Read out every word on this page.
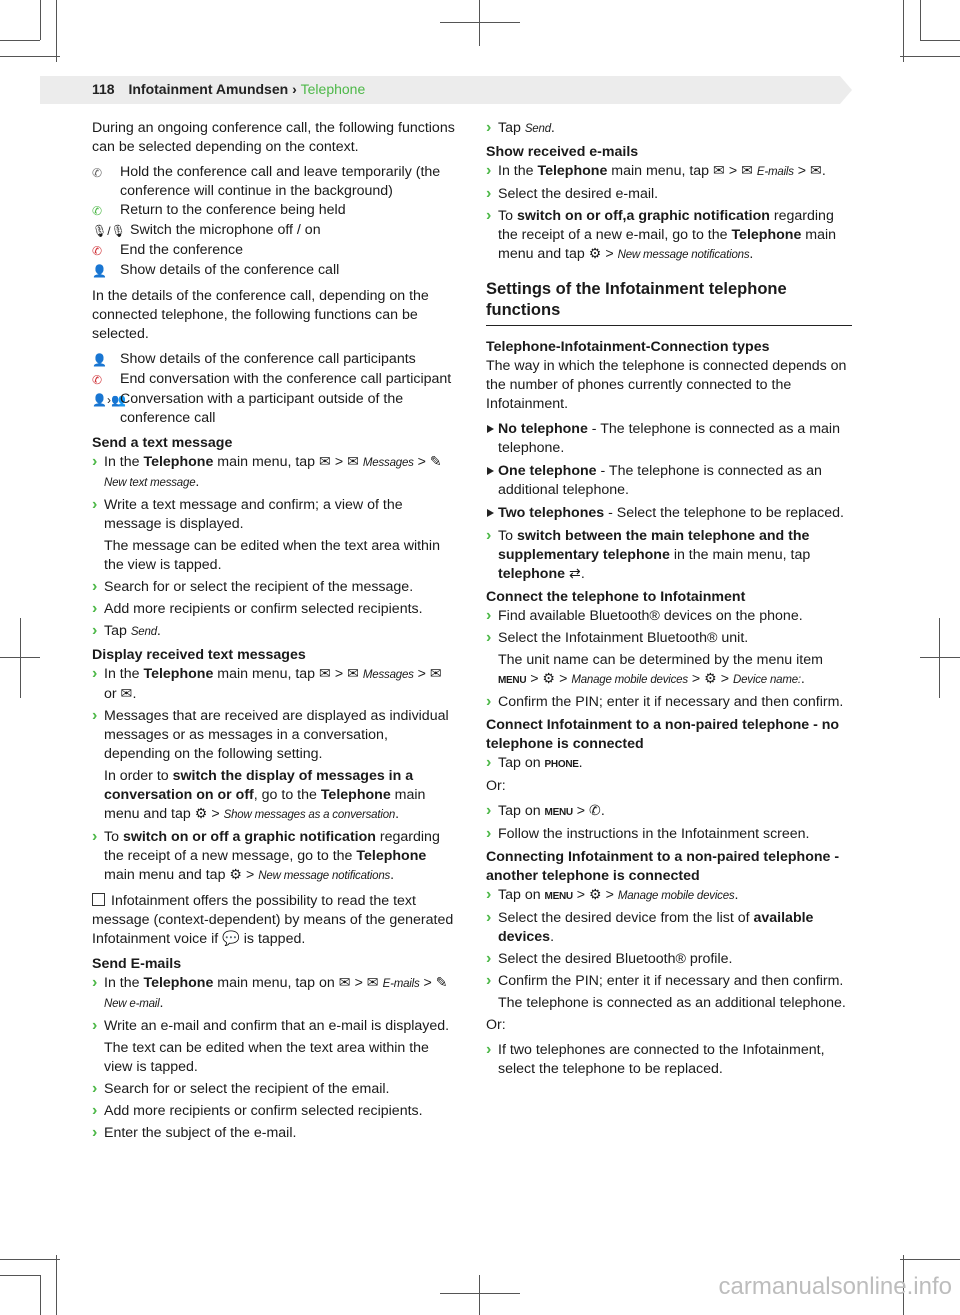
118 Infotainment Amundsen › Telephone

During an ongoing conference call, the following functions can be selected depending on the context.

✆	Hold the conference call and leave temporarily (the conference will continue in the background)
✆	Return to the conference being held
🎙/🎙 Switch the microphone off / on
✆	End the conference
👤 Show details of the conference call

In the details of the conference call, depending on the connected telephone, the following functions can be selected.

👤 Show details of the conference call participants
✆	End conversation with the conference call participant
👤›👥
Conversation with a participant outside of the conference call

Send a text message

› In the Telephone main menu, tap ✉ > ✉ Messages > ✎ New text message.
› Write a text message and confirm; a view of the message is displayed.
The message can be edited when the text area within the view is tapped.
› Search for or select the recipient of the message.
› Add more recipients or confirm selected recipients.
› Tap Send.

Display received text messages

› In the Telephone main menu, tap ✉ > ✉ Messages > ✉ or ✉.
› Messages that are received are displayed as individual messages or as messages in a conversation, depending on the following setting.
In order to switch the display of messages in a conversation on or off, go to the Telephone main menu and tap ⚙ > Show messages as a conversation.
› To switch on or off a graphic notification regarding the receipt of a new message, go to the Telephone main menu and tap ⚙ > New message notifications.

Infotainment offers the possibility to read the text message (context-dependent) by means of the generated Infotainment voice if 💬 is tapped.

Send E-mails

› In the Telephone main menu, tap on ✉ > ✉ E-mails > ✎ New e-mail.
› Write an e-mail and confirm that an e-mail is displayed.
The text can be edited when the text area within the view is tapped.
› Search for or select the recipient of the email.
› Add more recipients or confirm selected recipients.
› Enter the subject of the e-mail.
› Tap Send.

Show received e-mails

› In the Telephone main menu, tap ✉ > ✉ E-mails > ✉.
› Select the desired e-mail.
› To switch on or off,a graphic notification regarding the receipt of a new e-mail, go to the Telephone main menu and tap ⚙ > New message notifications.
Settings of the Infotainment telephone functions

Telephone-Infotainment-Connection types

The way in which the telephone is connected depends on the number of phones currently connected to the Infotainment.

No telephone - The telephone is connected as a main telephone.
One telephone - The telephone is connected as an additional telephone.
Two telephones - Select the telephone to be replaced.
› To switch between the main telephone and the supplementary telephone in the main menu, tap telephone ⇄.

Connect the telephone to Infotainment

› Find available Bluetooth® devices on the phone.
› Select the Infotainment Bluetooth® unit.
The unit name can be determined by the menu item MENU > ⚙ > Manage mobile devices > ⚙ > Device name:.
› Confirm the PIN; enter it if necessary and then confirm.

Connect Infotainment to a non-paired telephone - no telephone is connected

› Tap on PHONE.

Or:

› Tap on MENU > ✆.
› Follow the instructions in the Infotainment screen.

Connecting Infotainment to a non-paired telephone - another telephone is connected

› Tap on MENU > ⚙ > Manage mobile devices.
› Select the desired device from the list of available devices.
› Select the desired Bluetooth® profile.
› Confirm the PIN; enter it if necessary and then confirm.
The telephone is connected as an additional telephone.

Or:

› If two telephones are connected to the Infotainment, select the telephone to be replaced.
carmanualsonline.info
